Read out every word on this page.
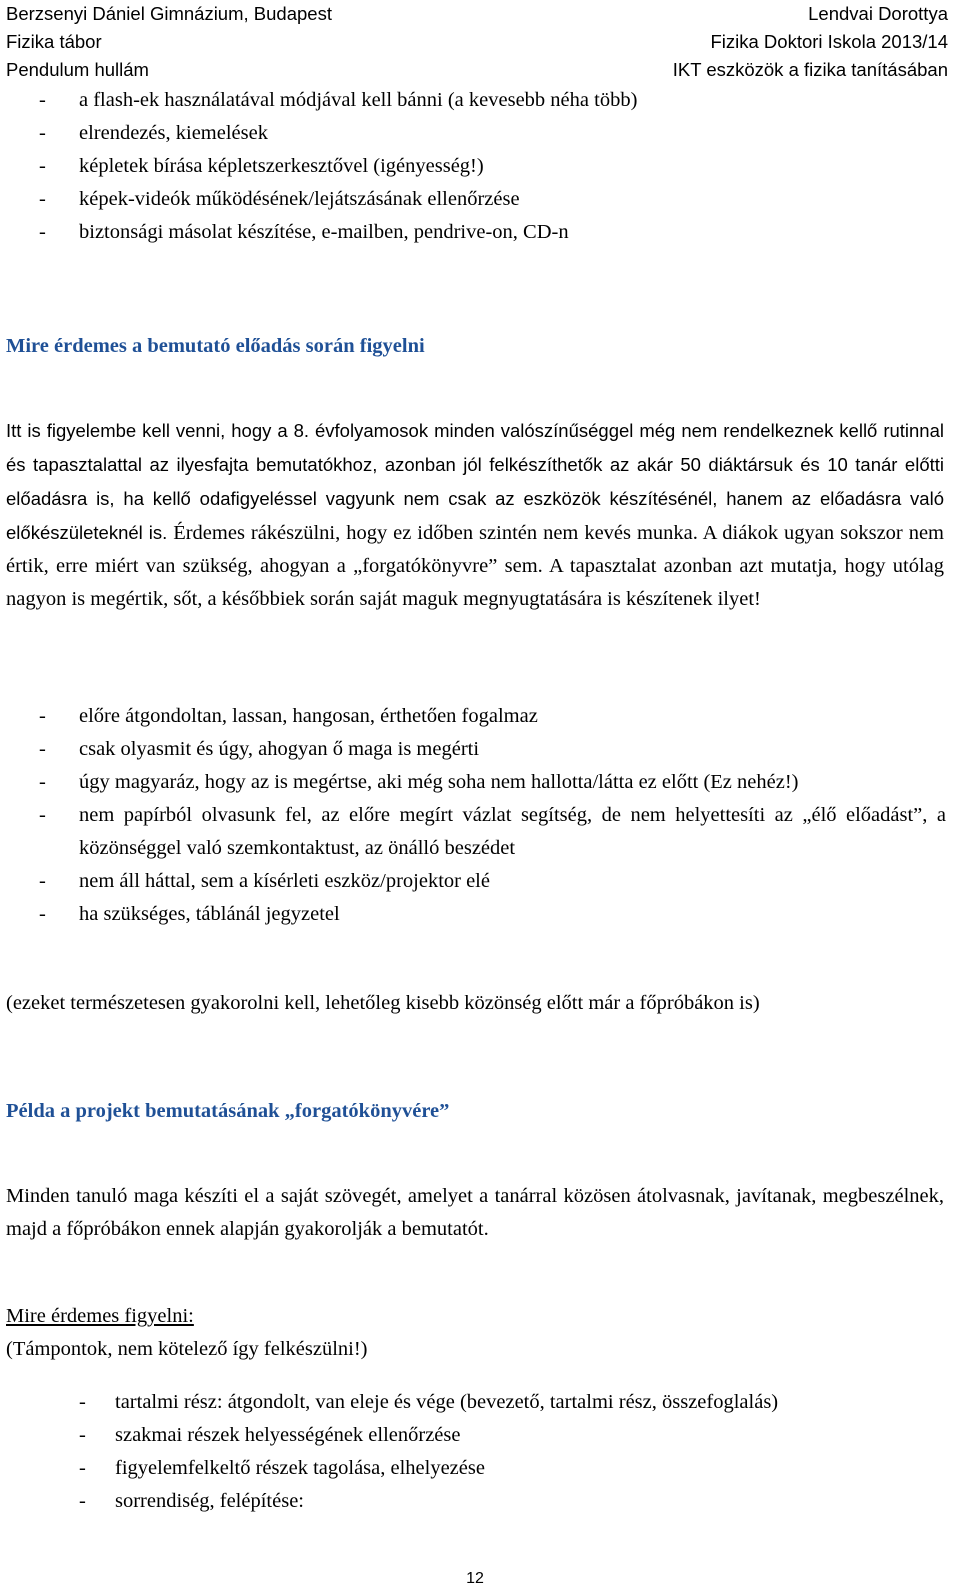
Berzsenyi Dániel Gimnázium, Budapest	Lendvai Dorottya
Fizika tábor	Fizika Doktori Iskola 2013/14
Pendulum hullám	IKT eszközök a fizika tanításában
- a flash-ek használatával módjával kell bánni (a kevesebb néha több)
- elrendezés, kiemelések
- képletek bírása képletszerkesztővel (igényesség!)
- képek-videók működésének/lejátszásának ellenőrzése
- biztonsági másolat készítése, e-mailben, pendrive-on, CD-n
Mire érdemes a bemutató előadás során figyelni
Itt is figyelembe kell venni, hogy a 8. évfolyamosok minden valószínűséggel még nem rendelkeznek kellő rutinnal és tapasztalattal az ilyesfajta bemutatókhoz, azonban jól felkészíthetők az akár 50 diáktársuk és 10 tanár előtti előadásra is, ha kellő odafigyeléssel vagyunk nem csak az eszközök készítésénél, hanem az előadásra való előkészületeknél is. Érdemes rákészülni, hogy ez időben szintén nem kevés munka. A diákok ugyan sokszor nem értik, erre miért van szükség, ahogyan a „forgatókönyvre” sem. A tapasztalat azonban azt mutatja, hogy utólag nagyon is megértik, sőt, a későbbiek során saját maguk megnyugtatására is készítenek ilyet!
- előre átgondoltan, lassan, hangosan, érthetően fogalmaz
- csak olyasmit és úgy, ahogyan ő maga is megérti
- úgy magyaráz, hogy az is megértse, aki még soha nem hallotta/látta ez előtt (Ez nehéz!)
- nem papírból olvasunk fel, az előre megírt vázlat segítség, de nem helyettesíti az „élő előadást”, a közönséggel való szemkontaktust, az önálló beszédet
- nem áll háttal, sem a kísérleti eszköz/projektor elé
- ha szükséges, táblánál jegyzetel
(ezeket természetesen gyakorolni kell, lehetőleg kisebb közönség előtt már a főpróbákon is)
Példa a projekt bemutatásának „forgatókönyvére”
Minden tanuló maga készíti el a saját szövegét, amelyet a tanárral közösen átolvasnak, javítanak, megbeszélnek, majd a főpróbákon ennek alapján gyakorolják a bemutatót.
Mire érdemes figyelni:
(Támpontok, nem kötelező így felkészülni!)
- tartalmi rész: átgondolt, van eleje és vége (bevezető, tartalmi rész, összefoglalás)
- szakmai részek helyességének ellenőrzése
- figyelemfelkeltő részek tagolása, elhelyezése
- sorrendiség, felépítése:
12
